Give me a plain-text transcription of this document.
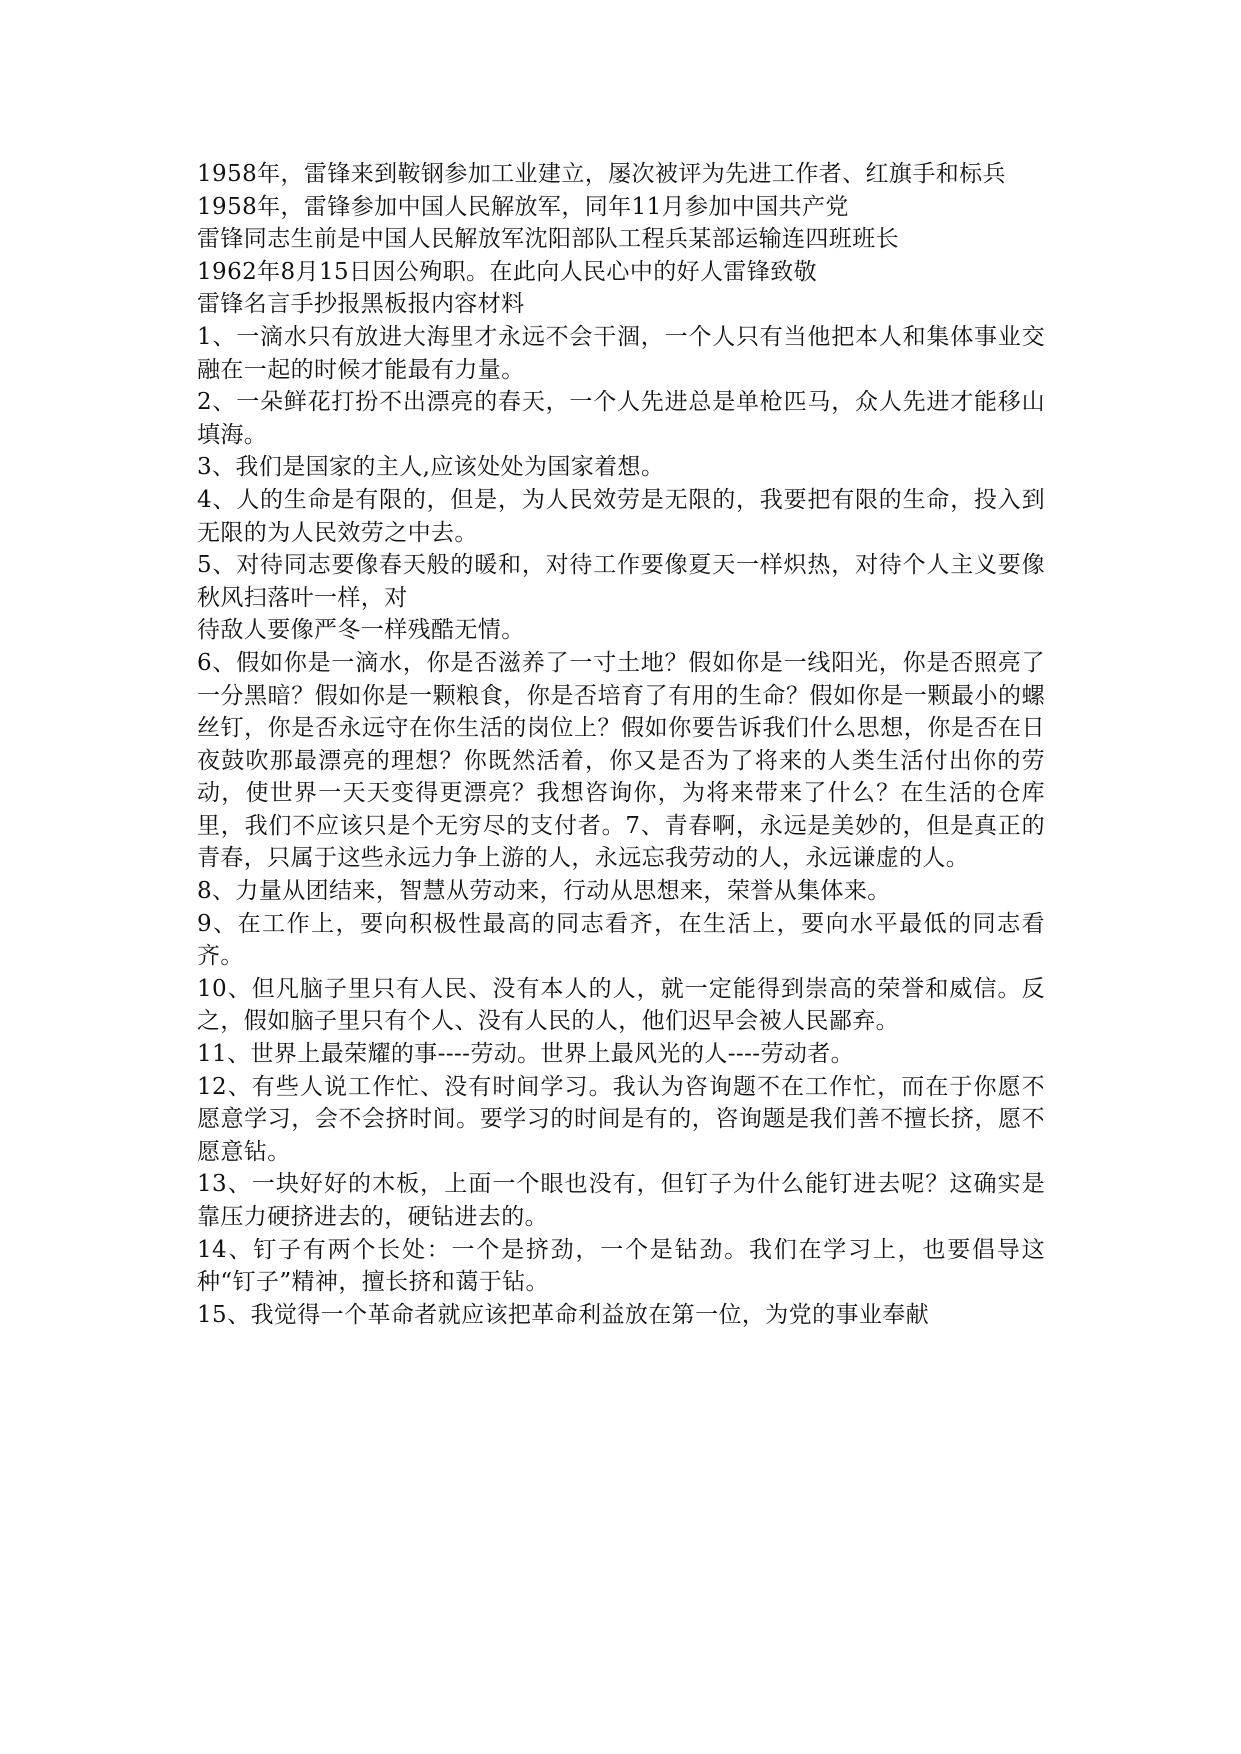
1958年，雷锋来到鞍钢参加工业建立，屡次被评为先进工作者、红旗手和标兵

1958年，雷锋参加中国人民解放军，同年11月参加中国共产党

雷锋同志生前是中国人民解放军沈阳部队工程兵某部运输连四班班长

1962年8月15日因公殉职。在此向人民心中的好人雷锋致敬

雷锋名言手抄报黑板报内容材料

1、一滴水只有放进大海里才永远不会干涸，一个人只有当他把本人和集体事业交融在一起的时候才能最有力量。

2、一朵鲜花打扮不出漂亮的春天，一个人先进总是单枪匹马，众人先进才能移山填海。

3、我们是国家的主人,应该处处为国家着想。

4、人的生命是有限的，但是，为人民效劳是无限的，我要把有限的生命，投入到无限的为人民效劳之中去。

5、对待同志要像春天般的暖和，对待工作要像夏天一样炽热，对待个人主义要像秋风扫落叶一样，对

待敌人要像严冬一样残酷无情。

6、假如你是一滴水，你是否滋养了一寸土地？假如你是一线阳光，你是否照亮了一分黑暗？假如你是一颗粮食，你是否培育了有用的生命？假如你是一颗最小的螺丝钉，你是否永远守在你生活的岗位上？假如你要告诉我们什么思想，你是否在日夜鼓吹那最漂亮的理想？你既然活着，你又是否为了将来的人类生活付出你的劳动，使世界一天天变得更漂亮？我想咨询你，为将来带来了什么？在生活的仓库里，我们不应该只是个无穷尽的支付者。7、青春啊，永远是美妙的，但是真正的青春，只属于这些永远力争上游的人，永远忘我劳动的人，永远谦虚的人。

8、力量从团结来，智慧从劳动来，行动从思想来，荣誉从集体来。

9、在工作上，要向积极性最高的同志看齐，在生活上，要向水平最低的同志看齐。

10、但凡脑子里只有人民、没有本人的人，就一定能得到崇高的荣誉和威信。反之，假如脑子里只有个人、没有人民的人，他们迟早会被人民鄙弃。

11、世界上最荣耀的事----劳动。世界上最风光的人----劳动者。

12、有些人说工作忙、没有时间学习。我认为咨询题不在工作忙，而在于你愿不愿意学习，会不会挤时间。要学习的时间是有的，咨询题是我们善不擅长挤，愿不愿意钻。

13、一块好好的木板，上面一个眼也没有，但钉子为什么能钉进去呢？这确实是靠压力硬挤进去的，硬钻进去的。

14、钉子有两个长处：一个是挤劲，一个是钻劲。我们在学习上，也要倡导这种“钉子”精神，擅长挤和蔼于钻。

15、我觉得一个革命者就应该把革命利益放在第一位，为党的事业奉献
